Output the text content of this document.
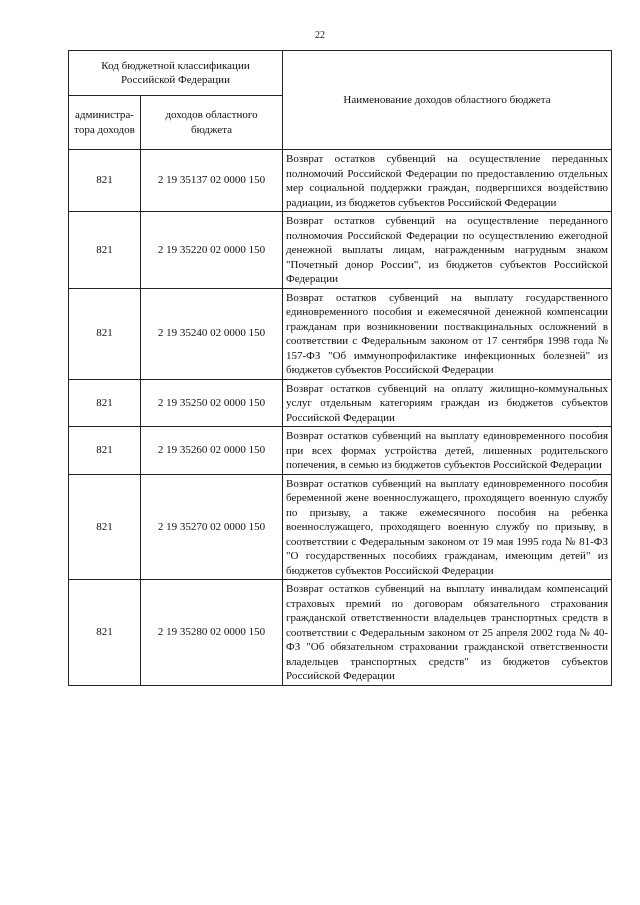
22
Код бюджетной классификации Российской Федерации		Наименование доходов областного бюджета
администра-тора доходов	доходов областного бюджета	
821	2 19 35137 02 0000 150	Возврат остатков субвенций на осуществление переданных полномочий Российской Федерации по предоставлению отдельных мер социальной поддержки граждан, подвергшихся воздействию радиации, из бюджетов субъектов Российской Федерации
821	2 19 35220 02 0000 150	Возврат остатков субвенций на осуществление переданного полномочия Российской Федерации по осуществлению ежегодной денежной выплаты лицам, награжденным нагрудным знаком "Почетный донор России", из бюджетов субъектов Российской Федерации
821	2 19 35240 02 0000 150	Возврат остатков субвенций на выплату государственного единовременного пособия и ежемесячной денежной компенсации гражданам при возникновении поствакцинальных осложнений в соответствии с Федеральным законом от 17 сентября 1998 года № 157-ФЗ "Об иммунопрофилактике инфекционных болезней" из бюджетов субъектов Российской Федерации
821	2 19 35250 02 0000 150	Возврат остатков субвенций на оплату жилищно-коммунальных услуг отдельным категориям граждан из бюджетов субъектов Российской Федерации
821	2 19 35260 02 0000 150	Возврат остатков субвенций на выплату единовременного пособия при всех формах устройства детей, лишенных родительского попечения, в семью из бюджетов субъектов Российской Федерации
821	2 19 35270 02 0000 150	Возврат остатков субвенций на выплату единовременного пособия беременной жене военнослужащего, проходящего военную службу по призыву, а также ежемесячного пособия на ребенка военнослужащего, проходящего военную службу по призыву, в соответствии с Федеральным законом от 19 мая 1995 года № 81-ФЗ "О государственных пособиях гражданам, имеющим детей" из бюджетов субъектов Российской Федерации
821	2 19 35280 02 0000 150	Возврат остатков субвенций на выплату инвалидам компенсаций страховых премий по договорам обязательного страхования гражданской ответственности владельцев транспортных средств в соответствии с Федеральным законом от 25 апреля 2002 года № 40-ФЗ "Об обязательном страховании гражданской ответственности владельцев транспортных средств" из бюджетов субъектов Российской Федерации
